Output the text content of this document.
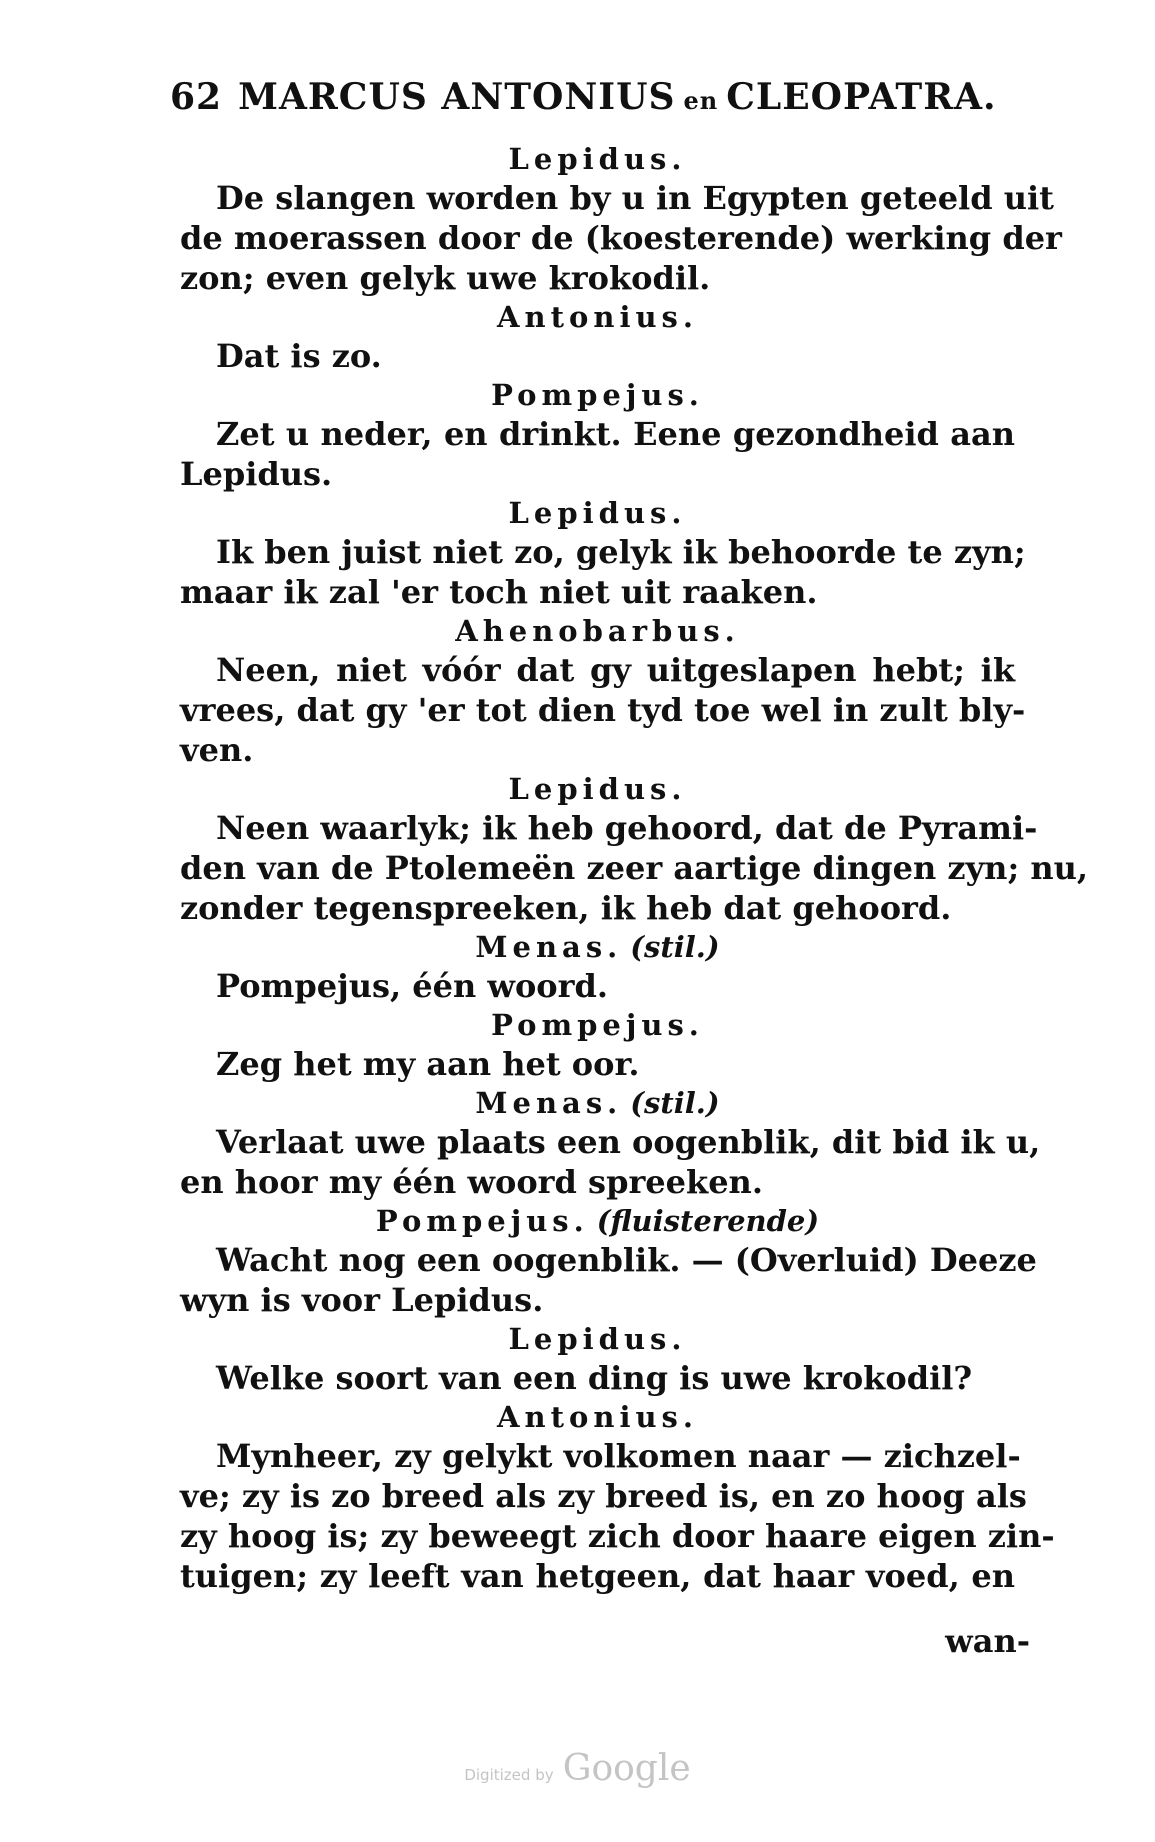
62 MARCUS ANTONIUS en CLEOPATRA.
Lepidus.
De slangen worden by u in Egypten geteeld uit
de moerassen door de (koesterende) werking der
zon; even gelyk uwe krokodil.
Antonius.
Dat is zo.
Pompejus.
Zet u neder, en drinkt. Eene gezondheid aan
Lepidus.
Lepidus.
Ik ben juist niet zo, gelyk ik behoorde te zyn;
maar ik zal 'er toch niet uit raaken.
Ahenobarbus.
Neen, niet vóór dat gy uitgeslapen hebt; ik
vrees, dat gy 'er tot dien tyd toe wel in zult bly-
ven.
Lepidus.
Neen waarlyk; ik heb gehoord, dat de Pyrami-
den van de Ptolemeën zeer aartige dingen zyn; nu,
zonder tegenspreeken, ik heb dat gehoord.
Menas. (stil.)
Pompejus, één woord.
Pompejus.
Zeg het my aan het oor.
Menas. (stil.)
Verlaat uwe plaats een oogenblik, dit bid ik u,
en hoor my één woord spreeken.
Pompejus. (fluisterende)
Wacht nog een oogenblik. — (Overluid) Deeze
wyn is voor Lepidus.
Lepidus.
Welke soort van een ding is uwe krokodil?
Antonius.
Mynheer, zy gelykt volkomen naar — zichzel-
ve; zy is zo breed als zy breed is, en zo hoog als
zy hoog is; zy beweegt zich door haare eigen zin-
tuigen; zy leeft van hetgeen, dat haar voed, en
wan-
Digitized by Google
